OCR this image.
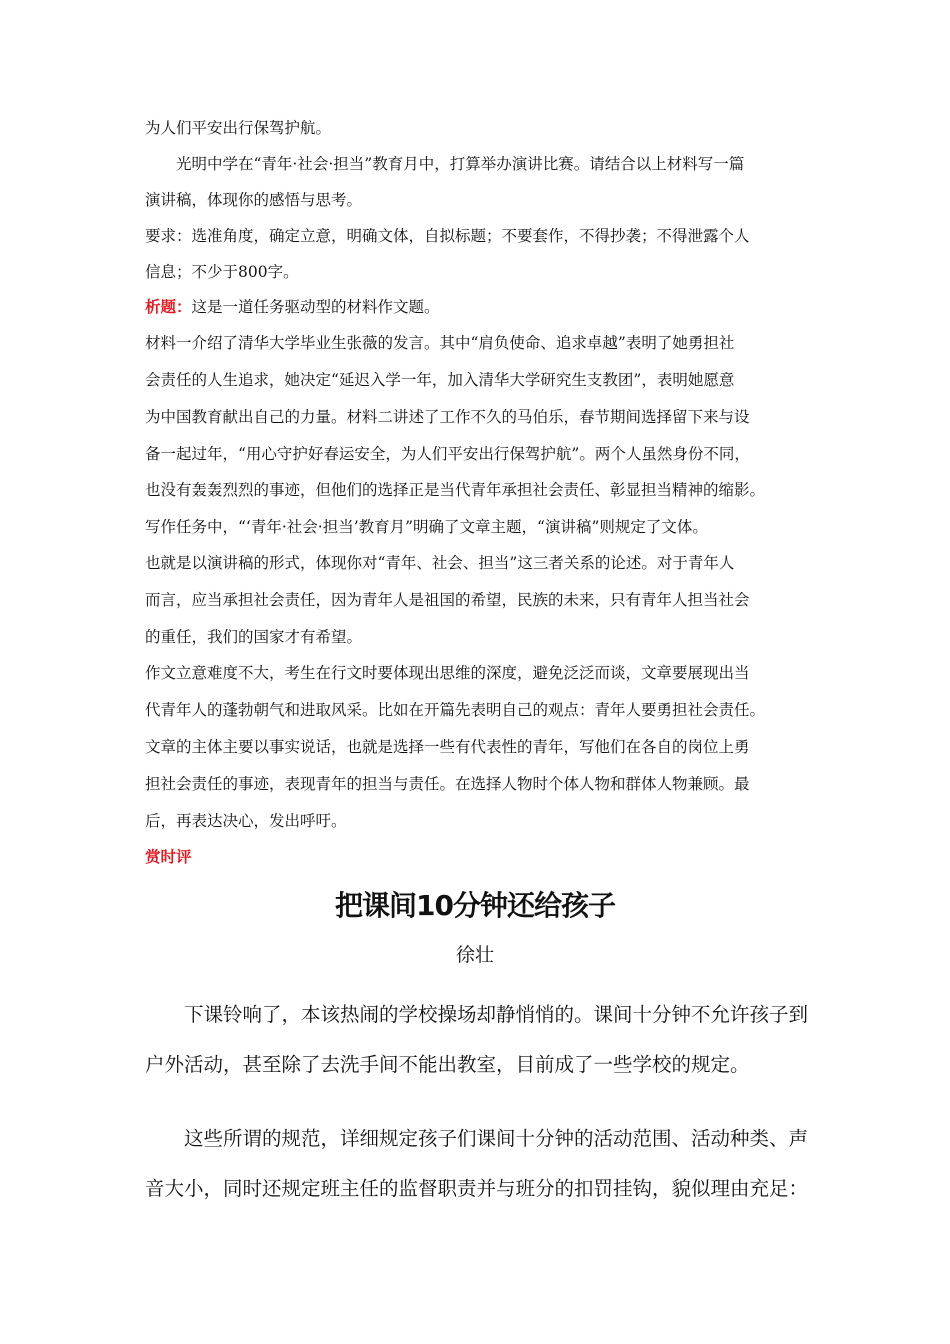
为人们平安出行保驾护航。
　　光明中学在“青年·社会·担当”教育月中，打算举办演讲比赛。请结合以上材料写一篇
演讲稿，体现你的感悟与思考。
要求：选准角度，确定立意，明确文体，自拟标题；不要套作，不得抄袭；不得泄露个人
信息；不少于800字。
析题：这是一道任务驱动型的材料作文题。
材料一介绍了清华大学毕业生张薇的发言。其中“肩负使命、追求卓越”表明了她勇担社
会责任的人生追求，她决定“延迟入学一年，加入清华大学研究生支教团”，表明她愿意
为中国教育献出自己的力量。材料二讲述了工作不久的马伯乐，春节期间选择留下来与设
备一起过年，“用心守护好春运安全，为人们平安出行保驾护航”。两个人虽然身份不同，
也没有轰轰烈烈的事迹，但他们的选择正是当代青年承担社会责任、彰显担当精神的缩影。
写作任务中，“‘青年·社会·担当’教育月”明确了文章主题，“演讲稿”则规定了文体。
也就是以演讲稿的形式，体现你对“青年、社会、担当”这三者关系的论述。对于青年人
而言，应当承担社会责任，因为青年人是祖国的希望，民族的未来，只有青年人担当社会
的重任，我们的国家才有希望。
作文立意难度不大，考生在行文时要体现出思维的深度，避免泛泛而谈，文章要展现出当
代青年人的蓬勃朝气和进取风采。比如在开篇先表明自己的观点：青年人要勇担社会责任。
文章的主体主要以事实说话，也就是选择一些有代表性的青年，写他们在各自的岗位上勇
担社会责任的事迹，表现青年的担当与责任。在选择人物时个体人物和群体人物兼顾。最
后，再表达决心，发出呼吁。
赏时评
把课间10分钟还给孩子
徐壮
　　下课铃响了，本该热闹的学校操场却静悄悄的。课间十分钟不允许孩子到
户外活动，甚至除了去洗手间不能出教室，目前成了一些学校的规定。
　　这些所谓的规范，详细规定孩子们课间十分钟的活动范围、活动种类、声
音大小，同时还规定班主任的监督职责并与班分的扣罚挂钩，貌似理由充足：
